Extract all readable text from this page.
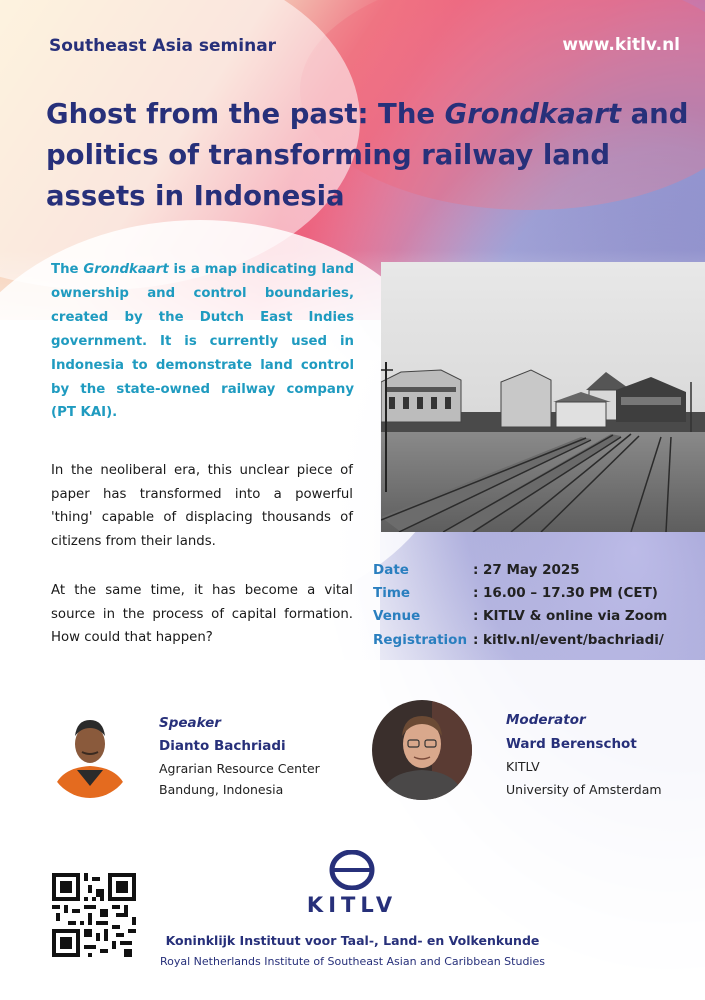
Southeast Asia seminar	www.kitlv.nl
Ghost from the past: The Grondkaart and politics of transforming railway land assets in Indonesia
The Grondkaart is a map indicating land ownership and control boundaries, created by the Dutch East Indies government. It is currently used in Indonesia to demonstrate land control by the state-owned railway company (PT KAI).
In the neoliberal era, this unclear piece of paper has transformed into a powerful 'thing' capable of displacing thousands of citizens from their lands.
At the same time, it has become a vital source in the process of capital formation. How could that happen?
Date	: 27 May 2025
Time	: 16.00 – 17.30 PM (CET)
Venue	: KITLV & online via Zoom
Registration : kitlv.nl/event/bachriadi/
Speaker
Dianto Bachriadi
Agrarian Resource Center
Bandung, Indonesia
Moderator
Ward Berenschot
KITLV
University of Amsterdam
KITLV
Koninklijk Instituut voor Taal-, Land- en Volkenkunde
Royal Netherlands Institute of Southeast Asian and Caribbean Studies
